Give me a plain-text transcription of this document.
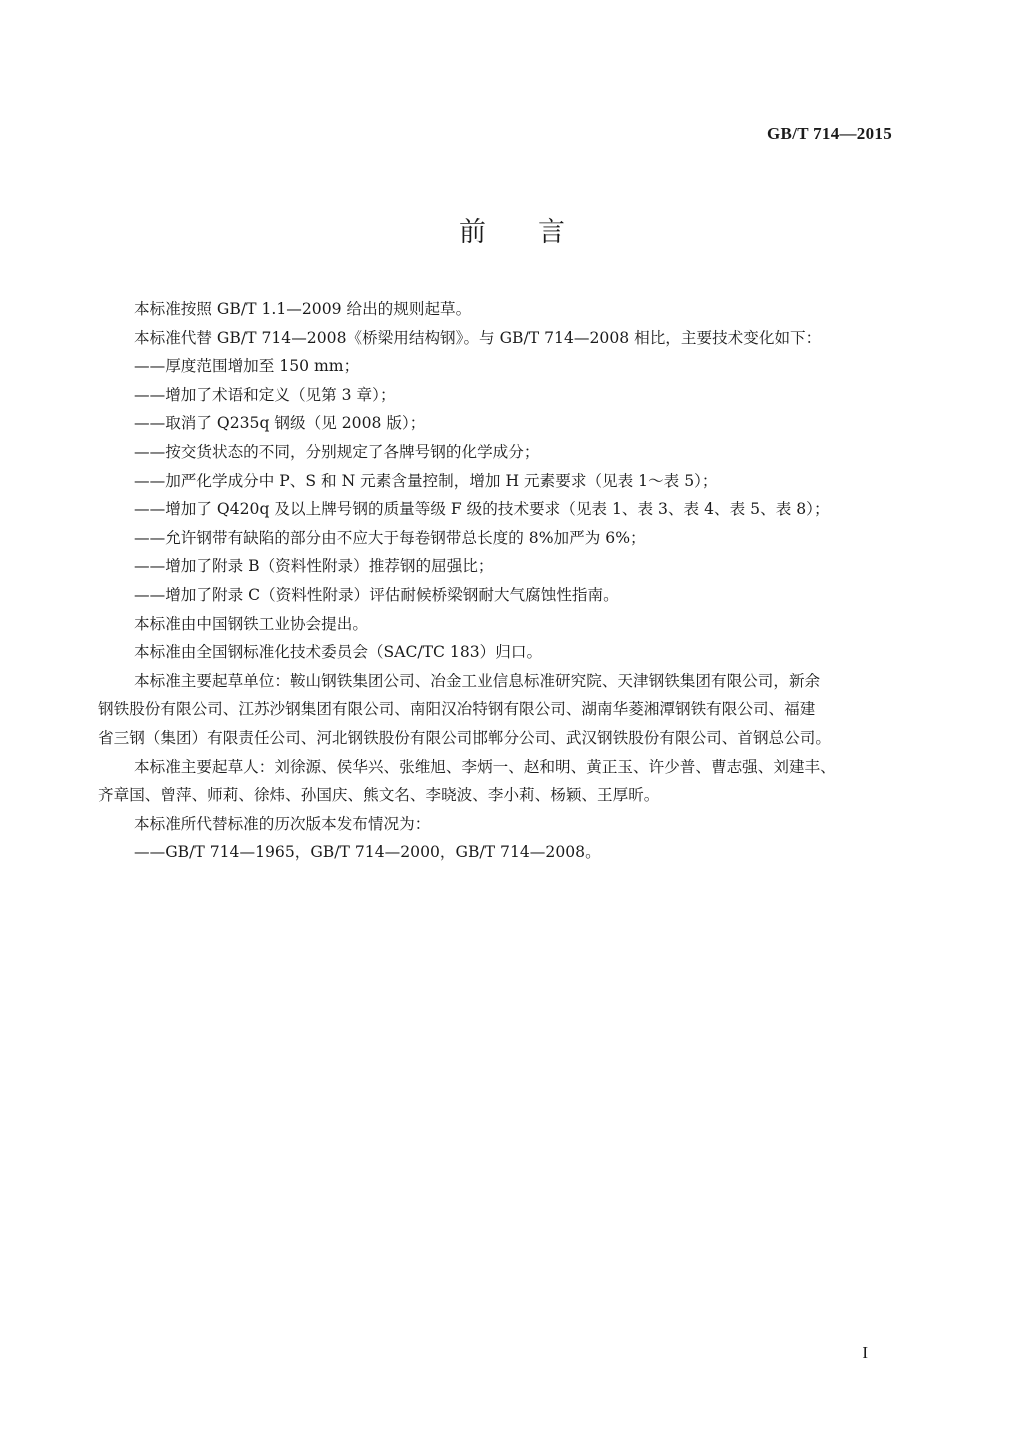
GB/T 714—2015
前言

本标准按照 GB/T 1.1—2009 给出的规则起草。

本标准代替 GB/T 714—2008《桥梁用结构钢》。与 GB/T 714—2008 相比，主要技术变化如下：

——厚度范围增加至 150 mm；

——增加了术语和定义（见第 3 章）；

——取消了 Q235q 钢级（见 2008 版）；

——按交货状态的不同，分别规定了各牌号钢的化学成分；

——加严化学成分中 P、S 和 N 元素含量控制，增加 H 元素要求（见表 1～表 5）；

——增加了 Q420q 及以上牌号钢的质量等级 F 级的技术要求（见表 1、表 3、表 4、表 5、表 8）；

——允许钢带有缺陷的部分由不应大于每卷钢带总长度的 8%加严为 6%；

——增加了附录 B（资料性附录）推荐钢的屈强比；

——增加了附录 C（资料性附录）评估耐候桥梁钢耐大气腐蚀性指南。

本标准由中国钢铁工业协会提出。

本标准由全国钢标准化技术委员会（SAC/TC 183）归口。

本标准主要起草单位：鞍山钢铁集团公司、冶金工业信息标准研究院、天津钢铁集团有限公司，新余
钢铁股份有限公司、江苏沙钢集团有限公司、南阳汉冶特钢有限公司、湖南华菱湘潭钢铁有限公司、福建
省三钢（集团）有限责任公司、河北钢铁股份有限公司邯郸分公司、武汉钢铁股份有限公司、首钢总公司。

本标准主要起草人：刘徐源、侯华兴、张维旭、李炳一、赵和明、黄正玉、许少普、曹志强、刘建丰、
齐章国、曾萍、师莉、徐炜、孙国庆、熊文名、李晓波、李小莉、杨颖、王厚昕。

本标准所代替标准的历次版本发布情况为：

——GB/T 714—1965，GB/T 714—2000，GB/T 714—2008。

I
